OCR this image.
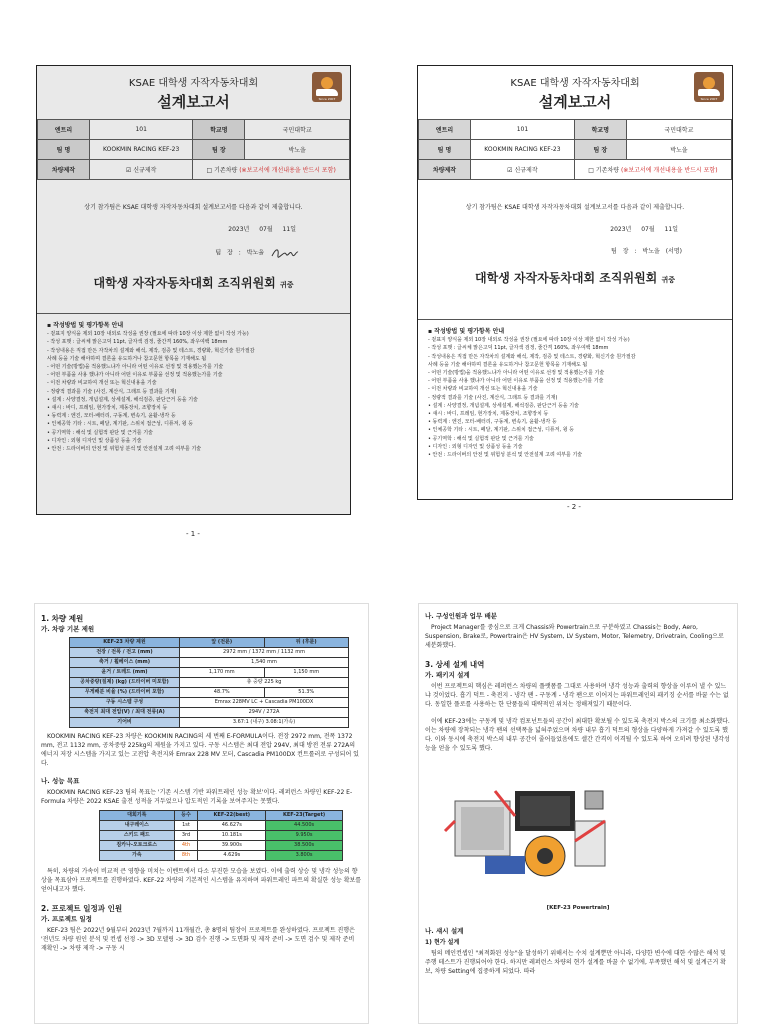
KSAE 대학생 자작자동차대회
설계보고서	Since 2007
엔트리	101	학교명	국민대학교
팀 명	KOOKMIN RACING KEF-23	팀 장	박노을
차량제작	☑ 신규제작	□ 기존차량 (※보고서에 개선내용을 반드시 포함)	
상기 참가팀은 KSAE 대학생 자작자동차대회 설계보고서를 다음과 같이 제출합니다.
2023년 07월 11일
팀 장 : 박노을
대학생 자작자동차대회 조직위원회 귀중
▪ 작성방법 및 평가항목 안내
- 겉표지 양식을 제외 10장 내외로 작성을 권장 (필요에 따라 10장 이상 제한 없이 작성 가능)
- 작성 포맷 : 글씨체 맑은고딕 11pt, 글자색 검정, 줄간격 160%, 좌우여백 18mm
- 작성내용은 직접 만든 자작차의 설계와 해석, 제작, 검증 및 테스트, 경량화, 혁신기술 원가절감
사례 등을 기술 해야하며 결론을 유도하거나 참고문헌 항목을 기재해도 됨
- 어떤 기술(방법)을 적용했느냐가 아니라 어떤 이유로 선정 및 적용했는가를 기술
- 어떤 부품을 사용 했냐가 아니라 어떤 이유로 부품을 선정 및 적용했는가를 기술
- 이전 차량과 비교하여 개선 또는 혁신내용을 기술
- 정량적 결과를 기술 (사진, 계산식, 그래프 등 결과를 기재)
• 설계 : 사양결정, 개념설계, 상세설계, 해석검증, 판단근거 등을 기술
• 섀시 : 바디, 프레임, 현가장치, 제동장치, 조향장치 등
• 동력계 : 엔진, 모터-배터리, 구동계, 변속기, 윤활-냉각 등
• 인체공학 기타 : 시트, 페달, 계기판, 스위치 접근성, 디퓨저, 윙 등
• 공기역학 : 해석 및 실험적 판단 및 근거를 기술
• 디자인 : 외형 디자인 및 상품성 등을 기술
• 안전 : 드라이버의 안전 및 위험성 분석 및 안전설계 고려 여부를 기술
- 1 -
KSAE 대학생 자작자동차대회
설계보고서	Since 2007
엔트리	101	학교명	국민대학교
팀 명	KOOKMIN RACING KEF-23	팀 장	박노을
차량제작	☑ 신규제작	□ 기존차량 (※보고서에 개선내용을 반드시 포함)	
상기 참가팀은 KSAE 대학생 자작자동차대회 설계보고서를 다음과 같이 제출합니다.
2023년 07월 11일
팀 장 : 박노을 (서명)
대학생 자작자동차대회 조직위원회 귀중
▪ 작성방법 및 평가항목 안내
- 겉표지 양식을 제외 10장 내외로 작성을 권장 (필요에 따라 10장 이상 제한 없이 작성 가능)
- 작성 포맷 : 글씨체 맑은고딕 11pt, 글자색 검정, 줄간격 160%, 좌우여백 18mm
- 작성내용은 직접 만든 자작차의 설계와 해석, 제작, 검증 및 테스트, 경량화, 혁신기술 원가절감
사례 등을 기술 해야하며 결론을 유도하거나 참고문헌 항목을 기재해도 됨
- 어떤 기술(방법)을 적용했느냐가 아니라 어떤 이유로 선정 및 적용했는가를 기술
- 어떤 부품을 사용 했냐가 아니라 어떤 이유로 부품을 선정 및 적용했는가를 기술
- 이전 차량과 비교하여 개선 또는 혁신내용을 기술
- 정량적 결과를 기술 (사진, 계산식, 그래프 등 결과를 기재)
• 설계 : 사양결정, 개념설계, 상세설계, 해석검증, 판단근거 등을 기술
• 섀시 : 바디, 프레임, 현가장치, 제동장치, 조향장치 등
• 동력계 : 엔진, 모터-배터리, 구동계, 변속기, 윤활-냉각 등
• 인체공학 기타 : 시트, 페달, 계기판, 스위치 접근성, 디퓨저, 윙 등
• 공기역학 : 해석 및 실험적 판단 및 근거를 기술
• 디자인 : 외형 디자인 및 상품성 등을 기술
• 안전 : 드라이버의 안전 및 위험성 분석 및 안전설계 고려 여부를 기술
- 2 -
1. 차량 제원
가. 차량 기본 제원
KEF-23 차량 제원	앞 (전륜)	뒤 (후륜)
전장 / 전폭 / 전고 (mm)	2972 mm / 1372 mm / 1132 mm	
축거 / 휠베이스 (mm)	1,540 mm	
윤거 / 트레드 (mm)	1,170 mm	1,150 mm
공차중량(질제) (kg) (드라이버 미포함)	총 중량 225 kg	
무게배분 비율 (%) (드라이버 포함)	48.7%	51.3%
구동 시스템 구성	Emrax 228MV LC + Cascadia PM100DX	
축전지 최대 전압(V) / 최대 전류(A)	294V / 272A	
기어비	3.67:1 (내구) 3.08:1(가속)	
KOOKMIN RACING KEF-23 차량은 KOOKMIN RACING의 세 번째 E-FORMULA이다. 전장 2972 mm, 전폭 1372 mm, 전고 1132 mm, 공차중량 225kg의 제원을 가지고 있다. 구동 시스템은 최대 전압 294V, 최대 방전 전류 272A의 에너지 저장 시스템을 가지고 있는 고전압 축전지와 Emrax 228 MV 모터, Cascadia PM100DX 컨트롤러로 구성되어 있다.
나. 성능 목표
KOOKMIN RACING KEF-23 팀의 목표는 '기존 시스템 기반 파워트레인 성능 확보'이다. 레퍼런스 차량인 KEF-22 E-Formula 차량은 2022 KSAE 출전 성적을 거두었으나 압도적인 기록을 보여주지는 못했다.
대회기록	등수	KEF-22(best)	KEF-23(Target)
내구레이스	1st	46.627s	44.500s
스키드 패드	3rd	10.181s	9.950s
짐카나-오토크로스	4th	39.900s	38.500s
가속	8th	4.629s	3.800s
특히, 차량의 가속이 비교적 큰 영향을 미치는 이벤트에서 다소 부진한 모습을 보였다. 이에 출력 상승 및 냉각 성능의 향상을 목표삼아 프로젝트를 진행하였다. KEF-22 차량의 기본적인 시스템을 유지하며 파워트레인 파트의 확실한 성능 확보를 얻어내고자 했다.
2. 프로젝트 일정과 인원
가. 프로젝트 일정
KEF-23 팀은 2022년 9월부터 2023년 7월까지 11개월간, 총 8명의 팀장이 프로젝트를 완성하였다. 프로젝트 진행은 '전년도 차량 원인 분석 및 컨셉 선정 -> 3D 모델링 -> 3D 검수 진행 -> 도면화 및 제작 준비 -> 도면 검수 및 제작 준비 재확인 -> 차량 제작 -> 구동 시
나. 구성인원과 업무 배분
Project Manager를 중심으로 크게 Chassis와 Powertrain으로 구분하였고 Chassis는 Body, Aero, Suspension, Brake로, Powertrain은 HV System, LV System, Motor, Telemetry, Drivetrain, Cooling으로 세분화했다.
3. 상세 설계 내역
가. 패키지 설계
이번 프로젝트의 핵심은 레퍼런스 차량의 플랫폼를 그대로 사용하며 냉각 성능과 출력의 향상을 이루어 낼 수 있느냐 것이었다. 흡기 덕트 - 축전지 - 냉각 팬 - 구동계 - 냉각 팬으로 이어지는 파워트레인의 패키징 순서를 바꿀 수는 없다. 동일한 플로를 사용하는 한 단품들의 대략적인 위치는 정해져있기 때문이다.
이에 KEF-23에는 구동계 및 냉각 컴포넌트들의 공간이 최대한 확보될 수 있도록 축전지 박스의 크기를 최소화했다. 이는 차량에 장착되는 냉각 팬의 선택폭을 넓혀주었으며 차량 내부 흡기 덕트의 형상을 다양하게 가져갈 수 있도록 했다. 이와 동시에 축전지 박스의 내부 공간이 줄어들었음에도 셀간 간격이 이격될 수 있도록 하여 오히려 향상된 냉각성능을 얻을 수 있도록 했다.
[KEF-23 Powertrain]
나. 섀시 설계
1) 현가 설계
팀의 메인컨셉인 "최적화된 성능"을 달성하기 위해서는 수치 설계뿐만 아니라, 다양한 변수에 대한 수많은 해석 및 주행 테스트가 진행되어야 한다. 하지만 레퍼런스 차량의 현가 설계를 바꿀 수 없기에, 부족했던 해석 및 설계근거 확보, 차량 Setting에 집중하게 되었다. 따라
